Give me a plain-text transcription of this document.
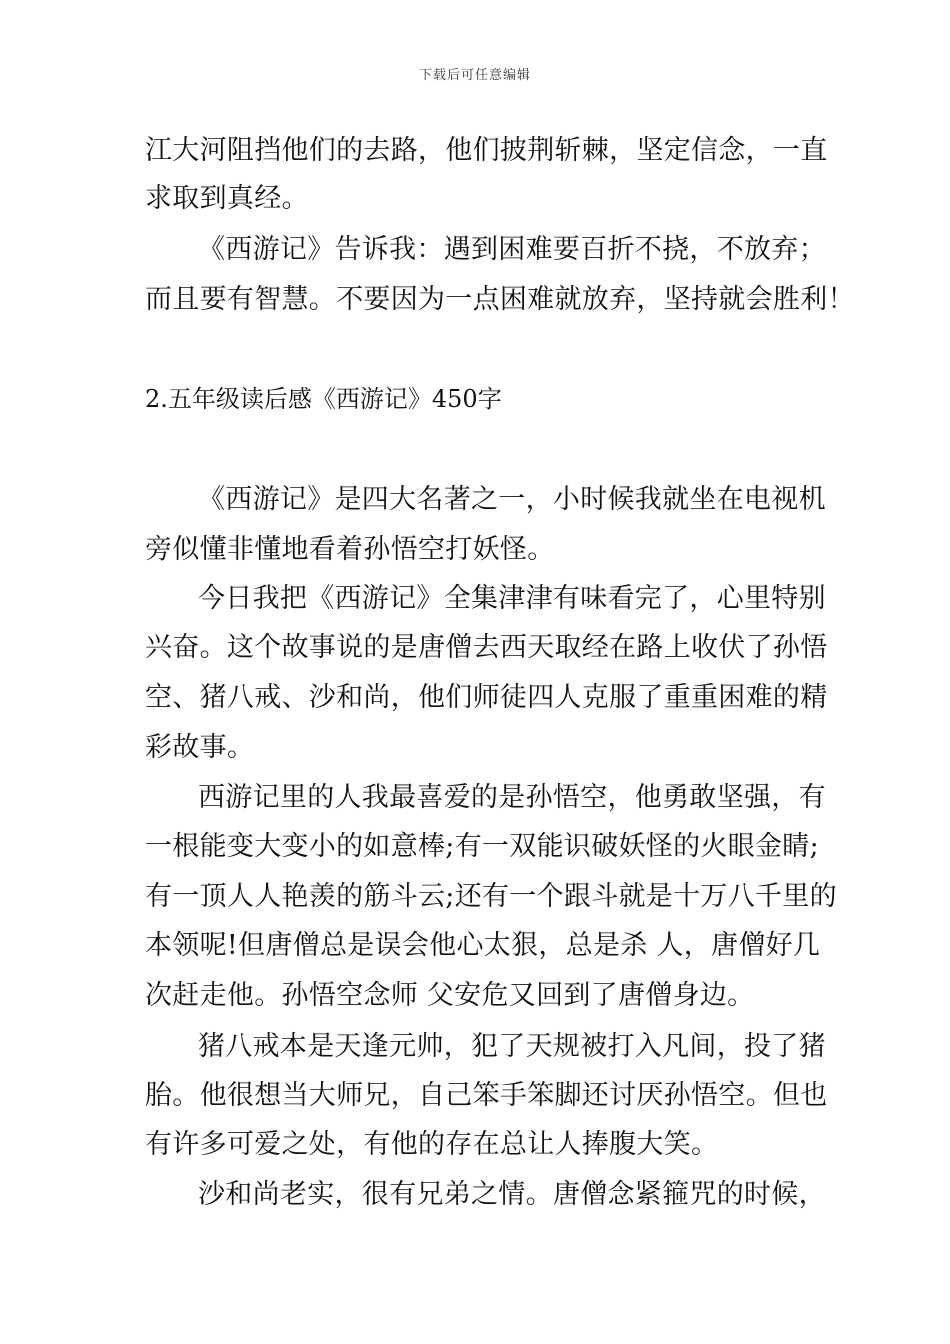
下载后可任意编辑
江大河阻挡他们的去路，他们披荆斩棘，坚定信念，一直
求取到真经。
《西游记》告诉我：遇到困难要百折不挠，不放弃；
而且要有智慧。不要因为一点困难就放弃，坚持就会胜利！
2.五年级读后感《西游记》450字
《西游记》是四大名著之一，小时候我就坐在电视机
旁似懂非懂地看着孙悟空打妖怪。
今日我把《西游记》全集津津有味看完了，心里特别
兴奋。这个故事说的是唐僧去西天取经在路上收伏了孙悟
空、猪八戒、沙和尚，他们师徒四人克服了重重困难的精
彩故事。
西游记里的人我最喜爱的是孙悟空，他勇敢坚强，有
一根能变大变小的如意棒;有一双能识破妖怪的火眼金睛;
有一顶人人艳羡的筋斗云;还有一个跟斗就是十万八千里的
本领呢!但唐僧总是误会他心太狠，总是杀 人，唐僧好几
次赶走他。孙悟空念师 父安危又回到了唐僧身边。
猪八戒本是天逢元帅，犯了天规被打入凡间，投了猪
胎。他很想当大师兄，自己笨手笨脚还讨厌孙悟空。但也
有许多可爱之处，有他的存在总让人捧腹大笑。
沙和尚老实，很有兄弟之情。唐僧念紧箍咒的时候，
